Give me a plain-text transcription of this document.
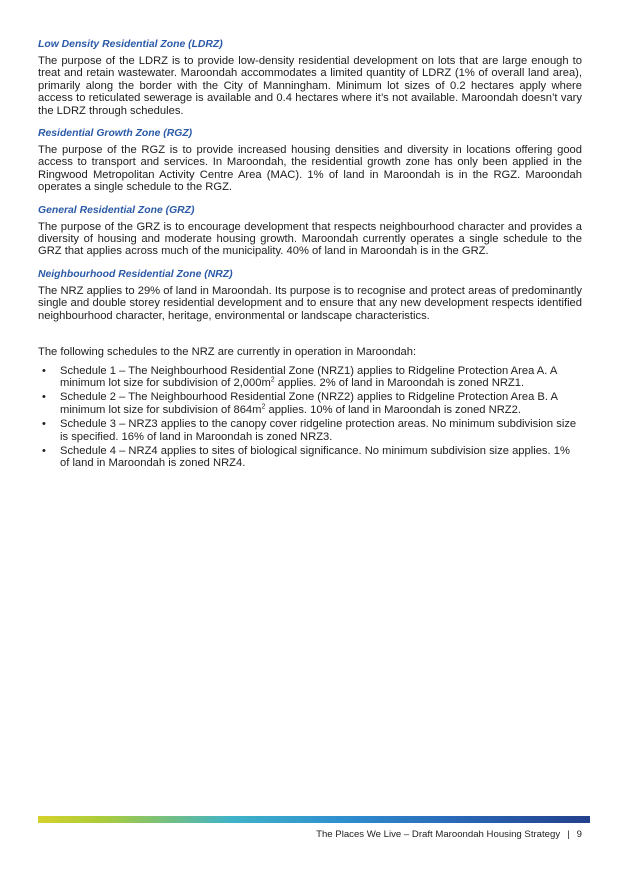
Low Density Residential Zone (LDRZ)

The purpose of the LDRZ is to provide low-density residential development on lots that are large enough to treat and retain wastewater. Maroondah accommodates a limited quantity of LDRZ (1% of overall land area), primarily along the border with the City of Manningham. Minimum lot sizes of 0.2 hectares apply where access to reticulated sewerage is available and 0.4 hectares where it’s not available. Maroondah doesn’t vary the LDRZ through schedules.

Residential Growth Zone (RGZ)

The purpose of the RGZ is to provide increased housing densities and diversity in locations offering good access to transport and services. In Maroondah, the residential growth zone has only been applied in the Ringwood Metropolitan Activity Centre Area (MAC). 1% of land in Maroondah is in the RGZ. Maroondah operates a single schedule to the RGZ.

General Residential Zone (GRZ)

The purpose of the GRZ is to encourage development that respects neighbourhood character and provides a diversity of housing and moderate housing growth. Maroondah currently operates a single schedule to the GRZ that applies across much of the municipality. 40% of land in Maroondah is in the GRZ.

Neighbourhood Residential Zone (NRZ)

The NRZ applies to 29% of land in Maroondah. Its purpose is to recognise and protect areas of predominantly single and double storey residential development and to ensure that any new development respects identified neighbourhood character, heritage, environmental or landscape characteristics.

The following schedules to the NRZ are currently in operation in Maroondah:

• Schedule 1 – The Neighbourhood Residential Zone (NRZ1) applies to Ridgeline Protection Area A. A minimum lot size for subdivision of $2,000m^2$ applies. 2% of land in Maroondah is zoned NRZ1.
• Schedule 2 – The Neighbourhood Residential Zone (NRZ2) applies to Ridgeline Protection Area B. A minimum lot size for subdivision of $864m^2$ applies. 10% of land in Maroondah is zoned NRZ2.
• Schedule 3 – NRZ3 applies to the canopy cover ridgeline protection areas. No minimum subdivision size is specified. 16% of land in Maroondah is zoned NRZ3.
• Schedule 4 – NRZ4 applies to sites of biological significance. No minimum subdivision size applies. 1% of land in Maroondah is zoned NRZ4.
The Places We Live – Draft Maroondah Housing Strategy | 9
